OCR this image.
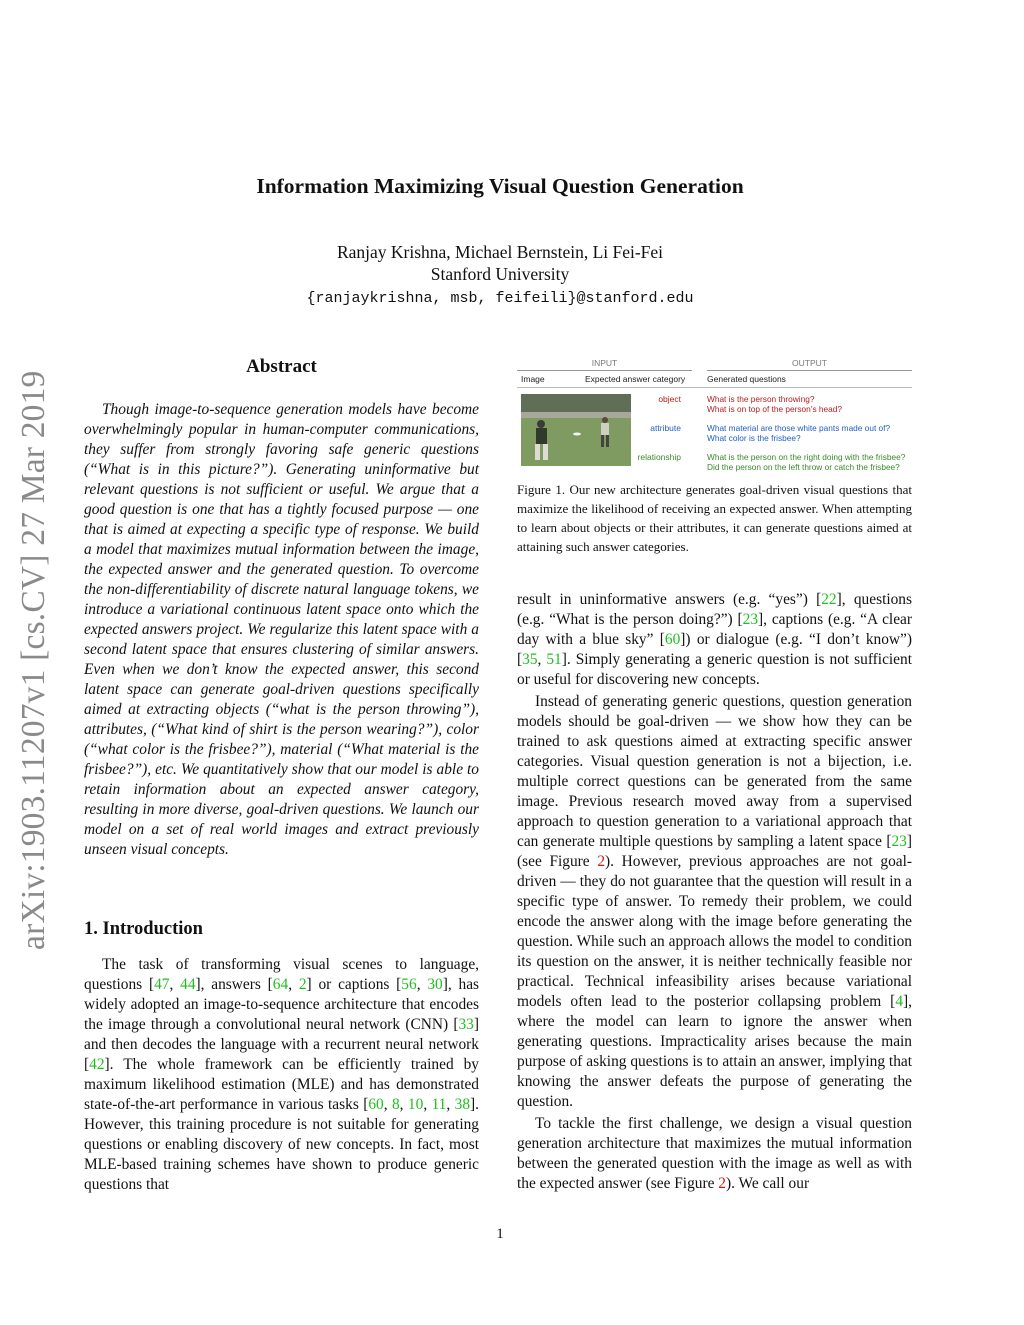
arXiv:1903.11207v1 [cs.CV] 27 Mar 2019
Information Maximizing Visual Question Generation
Ranjay Krishna, Michael Bernstein, Li Fei-Fei
Stanford University
{ranjaykrishna, msb, feifeili}@stanford.edu
Abstract

Though image-to-sequence generation models have become overwhelmingly popular in human-computer communications, they suffer from strongly favoring safe generic questions (“What is in this picture?”). Generating uninformative but relevant questions is not sufficient or useful. We argue that a good question is one that has a tightly focused purpose — one that is aimed at expecting a specific type of response. We build a model that maximizes mutual information between the image, the expected answer and the generated question. To overcome the non-differentiability of discrete natural language tokens, we introduce a variational continuous latent space onto which the expected answers project. We regularize this latent space with a second latent space that ensures clustering of similar answers. Even when we don’t know the expected answer, this second latent space can generate goal-driven questions specifically aimed at extracting objects (“what is the person throwing”), attributes, (“What kind of shirt is the person wearing?”), color (“what color is the frisbee?”), material (“What material is the frisbee?”), etc. We quantitatively show that our model is able to retain information about an expected answer category, resulting in more diverse, goal-driven questions. We launch our model on a set of real world images and extract previously unseen visual concepts.

1. Introduction

The task of transforming visual scenes to language, questions [47, 44], answers [64, 2] or captions [56, 30], has widely adopted an image-to-sequence architecture that encodes the image through a convolutional neural network (CNN) [33] and then decodes the language with a recurrent neural network [42]. The whole framework can be efficiently trained by maximum likelihood estimation (MLE) and has demonstrated state-of-the-art performance in various tasks [60, 8, 10, 11, 38]. However, this training procedure is not suitable for generating questions or enabling discovery of new concepts. In fact, most MLE-based training schemes have shown to produce generic questions that

INPUT	OUTPUT
Image	Expected answer category	Generated questions
object	What is the person throwing?
What is on top of the person’s head?
attribute	What material are those white pants made out of?
What color is the frisbee?
relationship	What is the person on the right doing with the frisbee?
Did the person on the left throw or catch the frisbee?
Figure 1. Our new architecture generates goal-driven visual questions that maximize the likelihood of receiving an expected answer. When attempting to learn about objects or their attributes, it can generate questions aimed at attaining such answer categories.

result in uninformative answers (e.g. “yes”) [22], questions (e.g. “What is the person doing?”) [23], captions (e.g. “A clear day with a blue sky” [60]) or dialogue (e.g. “I don’t know”) [35, 51]. Simply generating a generic question is not sufficient or useful for discovering new concepts.

Instead of generating generic questions, question generation models should be goal-driven — we show how they can be trained to ask questions aimed at extracting specific answer categories. Visual question generation is not a bijection, i.e. multiple correct questions can be generated from the same image. Previous research moved away from a supervised approach to question generation to a variational approach that can generate multiple questions by sampling a latent space [23] (see Figure 2). However, previous approaches are not goal-driven — they do not guarantee that the question will result in a specific type of answer. To remedy their problem, we could encode the answer along with the image before generating the question. While such an approach allows the model to condition its question on the answer, it is neither technically feasible nor practical. Technical infeasibility arises because variational models often lead to the posterior collapsing problem [4], where the model can learn to ignore the answer when generating questions. Impracticality arises because the main purpose of asking questions is to attain an answer, implying that knowing the answer defeats the purpose of generating the question.

To tackle the first challenge, we design a visual question generation architecture that maximizes the mutual information between the generated question with the image as well as with the expected answer (see Figure 2). We call our

1
